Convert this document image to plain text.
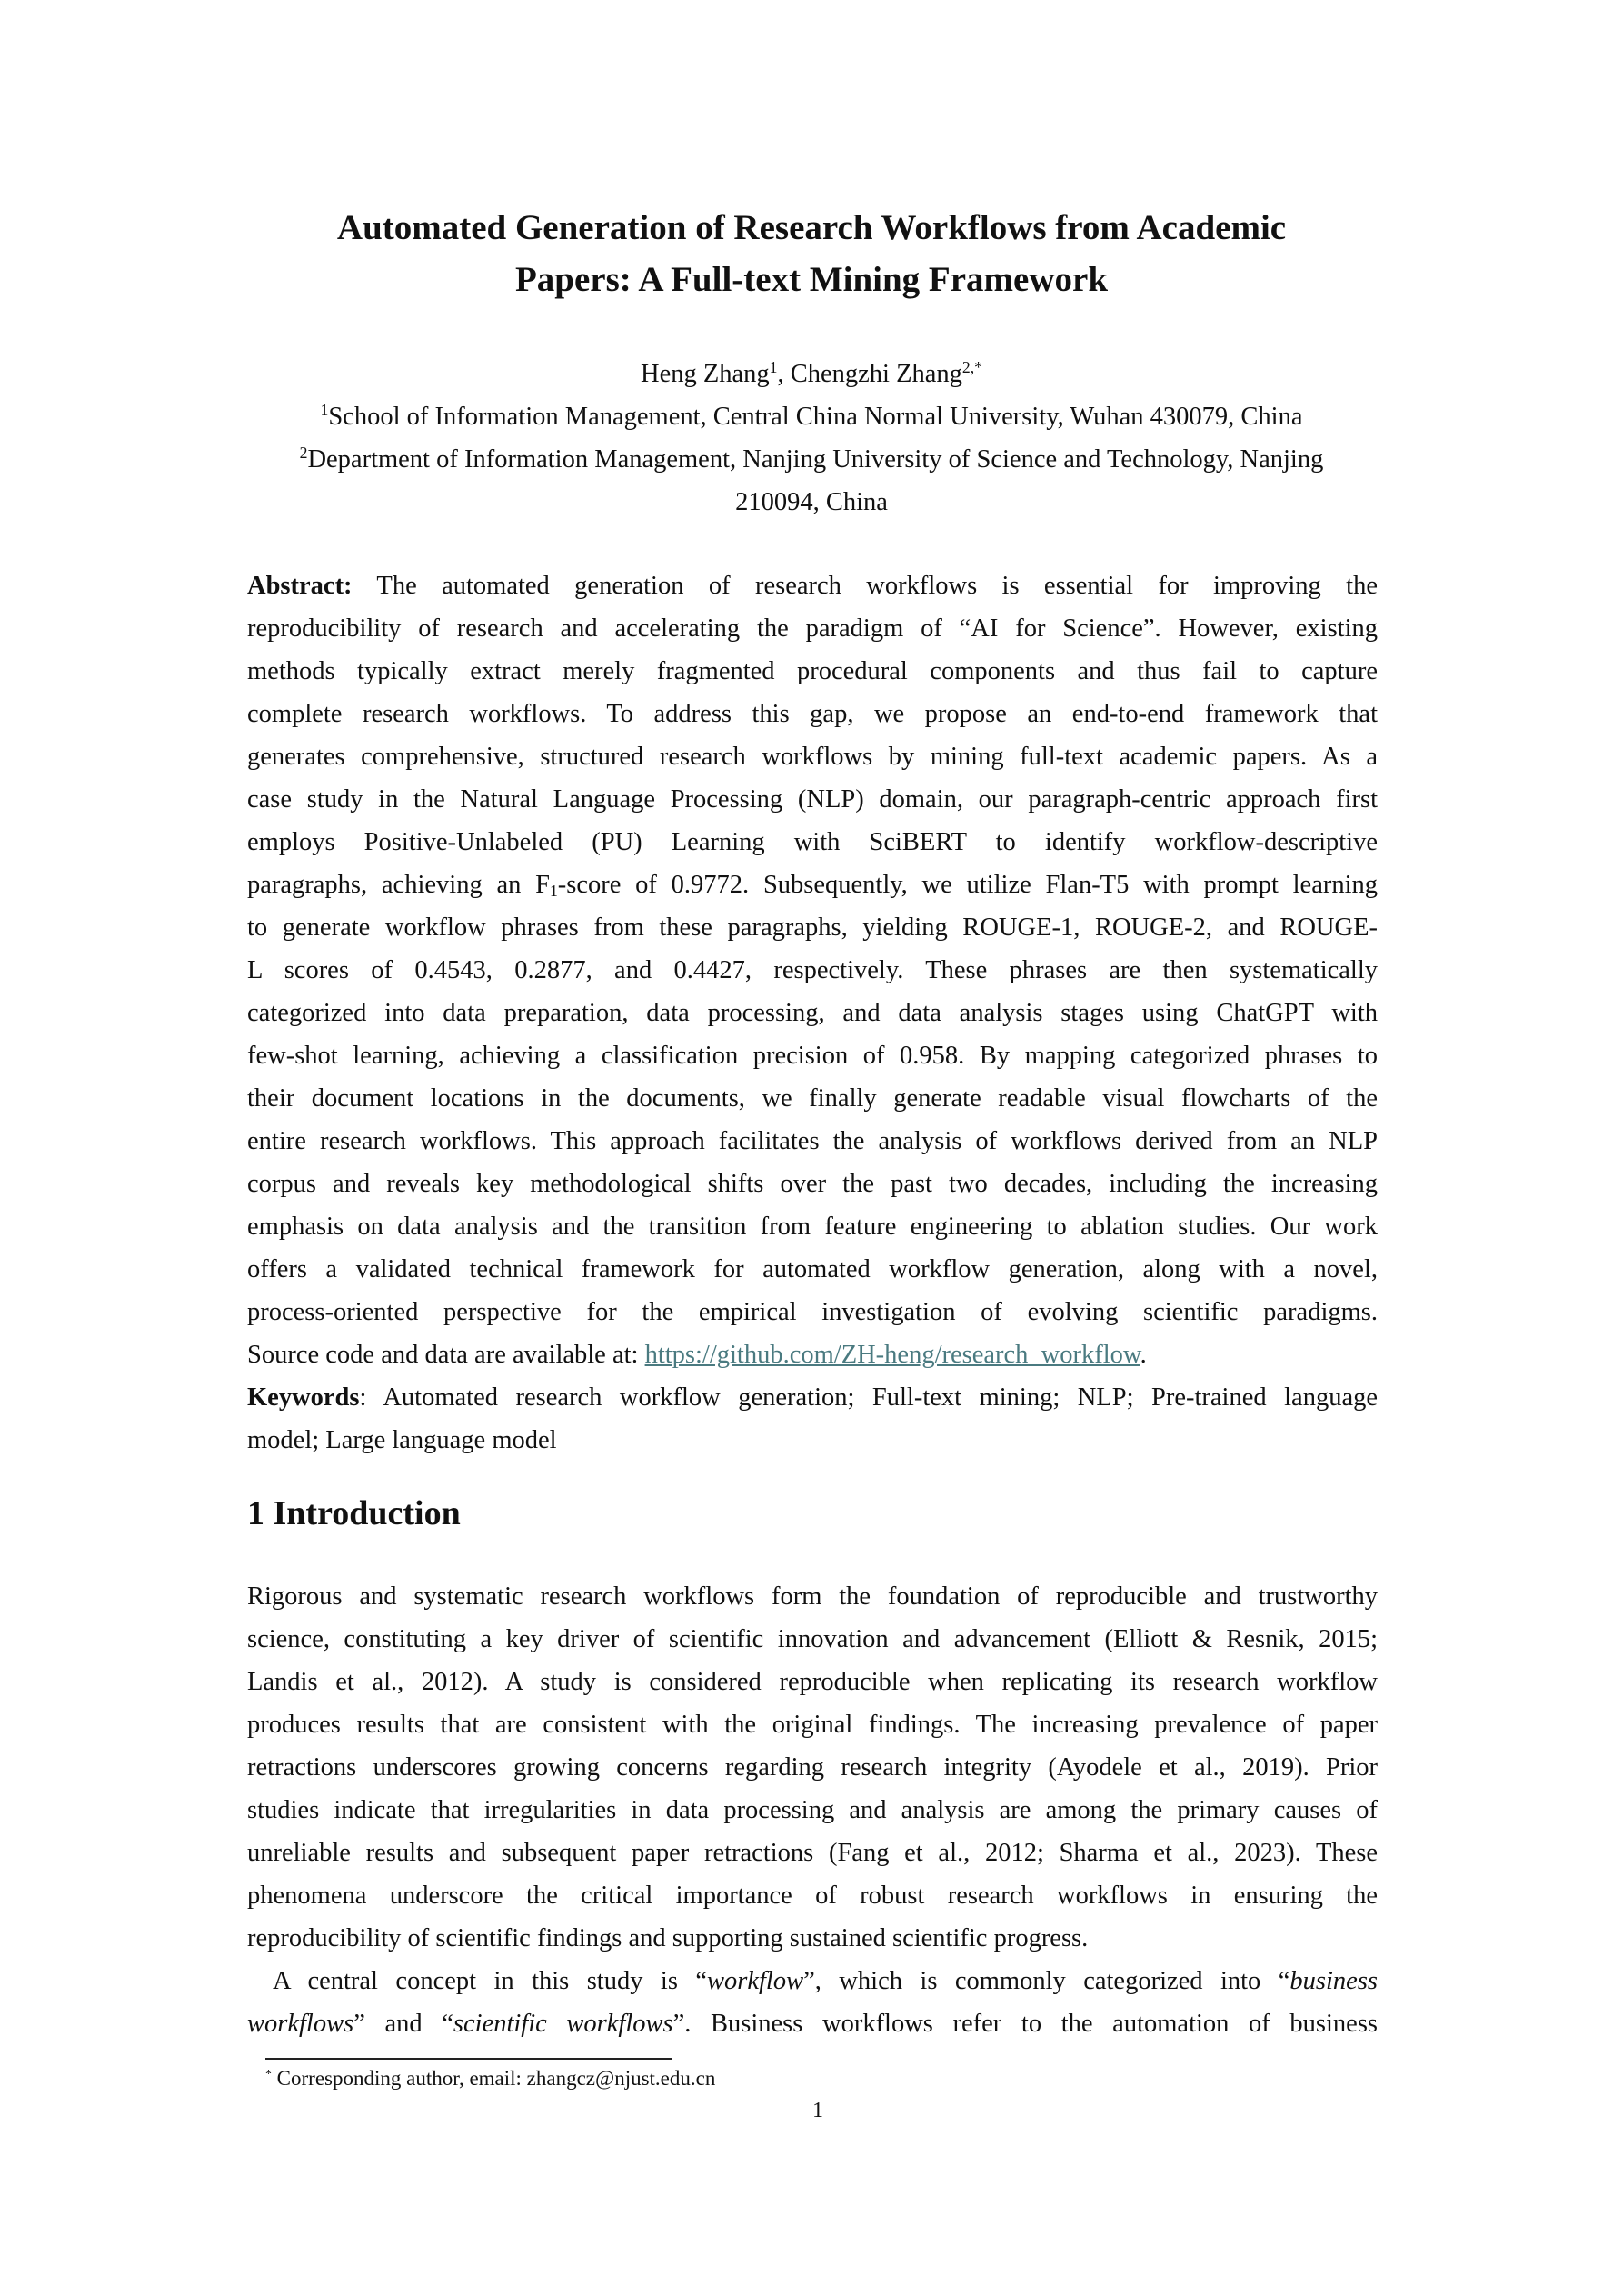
Automated Generation of Research Workflows from Academic
Papers: A Full-text Mining Framework
Heng Zhang$^1$, Chengzhi Zhang$^{2,*}$
$^1$School of Information Management, Central China Normal University, Wuhan 430079, China
$^2$Department of Information Management, Nanjing University of Science and Technology, Nanjing
210094, China
Abstract: The automated generation of research workflows is essential for improving the
reproducibility of research and accelerating the paradigm of “AI for Science”. However, existing
methods typically extract merely fragmented procedural components and thus fail to capture
complete research workflows. To address this gap, we propose an end-to-end framework that
generates comprehensive, structured research workflows by mining full-text academic papers. As a
case study in the Natural Language Processing (NLP) domain, our paragraph-centric approach first
employs Positive-Unlabeled (PU) Learning with SciBERT to identify workflow-descriptive
paragraphs, achieving an $F_1$-score of 0.9772. Subsequently, we utilize Flan-T5 with prompt learning
to generate workflow phrases from these paragraphs, yielding ROUGE-1, ROUGE-2, and ROUGE-
L scores of 0.4543, 0.2877, and 0.4427, respectively. These phrases are then systematically
categorized into data preparation, data processing, and data analysis stages using ChatGPT with
few-shot learning, achieving a classification precision of 0.958. By mapping categorized phrases to
their document locations in the documents, we finally generate readable visual flowcharts of the
entire research workflows. This approach facilitates the analysis of workflows derived from an NLP
corpus and reveals key methodological shifts over the past two decades, including the increasing
emphasis on data analysis and the transition from feature engineering to ablation studies. Our work
offers a validated technical framework for automated workflow generation, along with a novel,
process-oriented perspective for the empirical investigation of evolving scientific paradigms.
Source code and data are available at: https://github.com/ZH-heng/research_workflow.
Keywords: Automated research workflow generation; Full-text mining; NLP; Pre-trained language
model; Large language model
1 Introduction
Rigorous and systematic research workflows form the foundation of reproducible and trustworthy
science, constituting a key driver of scientific innovation and advancement (Elliott & Resnik, 2015;
Landis et al., 2012). A study is considered reproducible when replicating its research workflow
produces results that are consistent with the original findings. The increasing prevalence of paper
retractions underscores growing concerns regarding research integrity (Ayodele et al., 2019). Prior
studies indicate that irregularities in data processing and analysis are among the primary causes of
unreliable results and subsequent paper retractions (Fang et al., 2012; Sharma et al., 2023). These
phenomena underscore the critical importance of robust research workflows in ensuring the
reproducibility of scientific findings and supporting sustained scientific progress.
A central concept in this study is “workflow”, which is commonly categorized into “business
workflows” and “scientific workflows”. Business workflows refer to the automation of business
* Corresponding author, email: zhangcz@njust.edu.cn
1
